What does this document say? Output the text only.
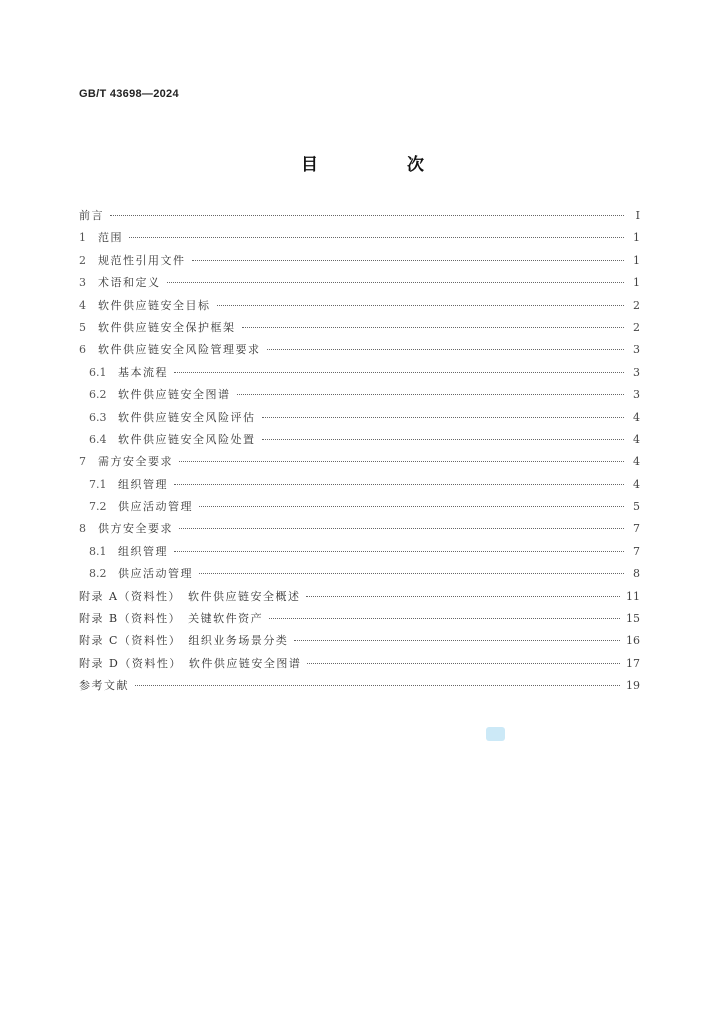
GB/T 43698—2024
目　次
前言	Ⅰ
1	范围	1
2	规范性引用文件	1
3	术语和定义	1
4	软件供应链安全目标	2
5	软件供应链安全保护框架	2
6	软件供应链安全风险管理要求	3
6.1	基本流程	3
6.2	软件供应链安全图谱	3
6.3	软件供应链安全风险评估	4
6.4	软件供应链安全风险处置	4
7	需方安全要求	4
7.1	组织管理	4
7.2	供应活动管理	5
8	供方安全要求	7
8.1	组织管理	7
8.2	供应活动管理	8
附录 A（资料性）　软件供应链安全概述	11
附录 B（资料性）　关键软件资产	15
附录 C（资料性）　组织业务场景分类	16
附录 D（资料性）　软件供应链安全图谱	17
参考文献	19
